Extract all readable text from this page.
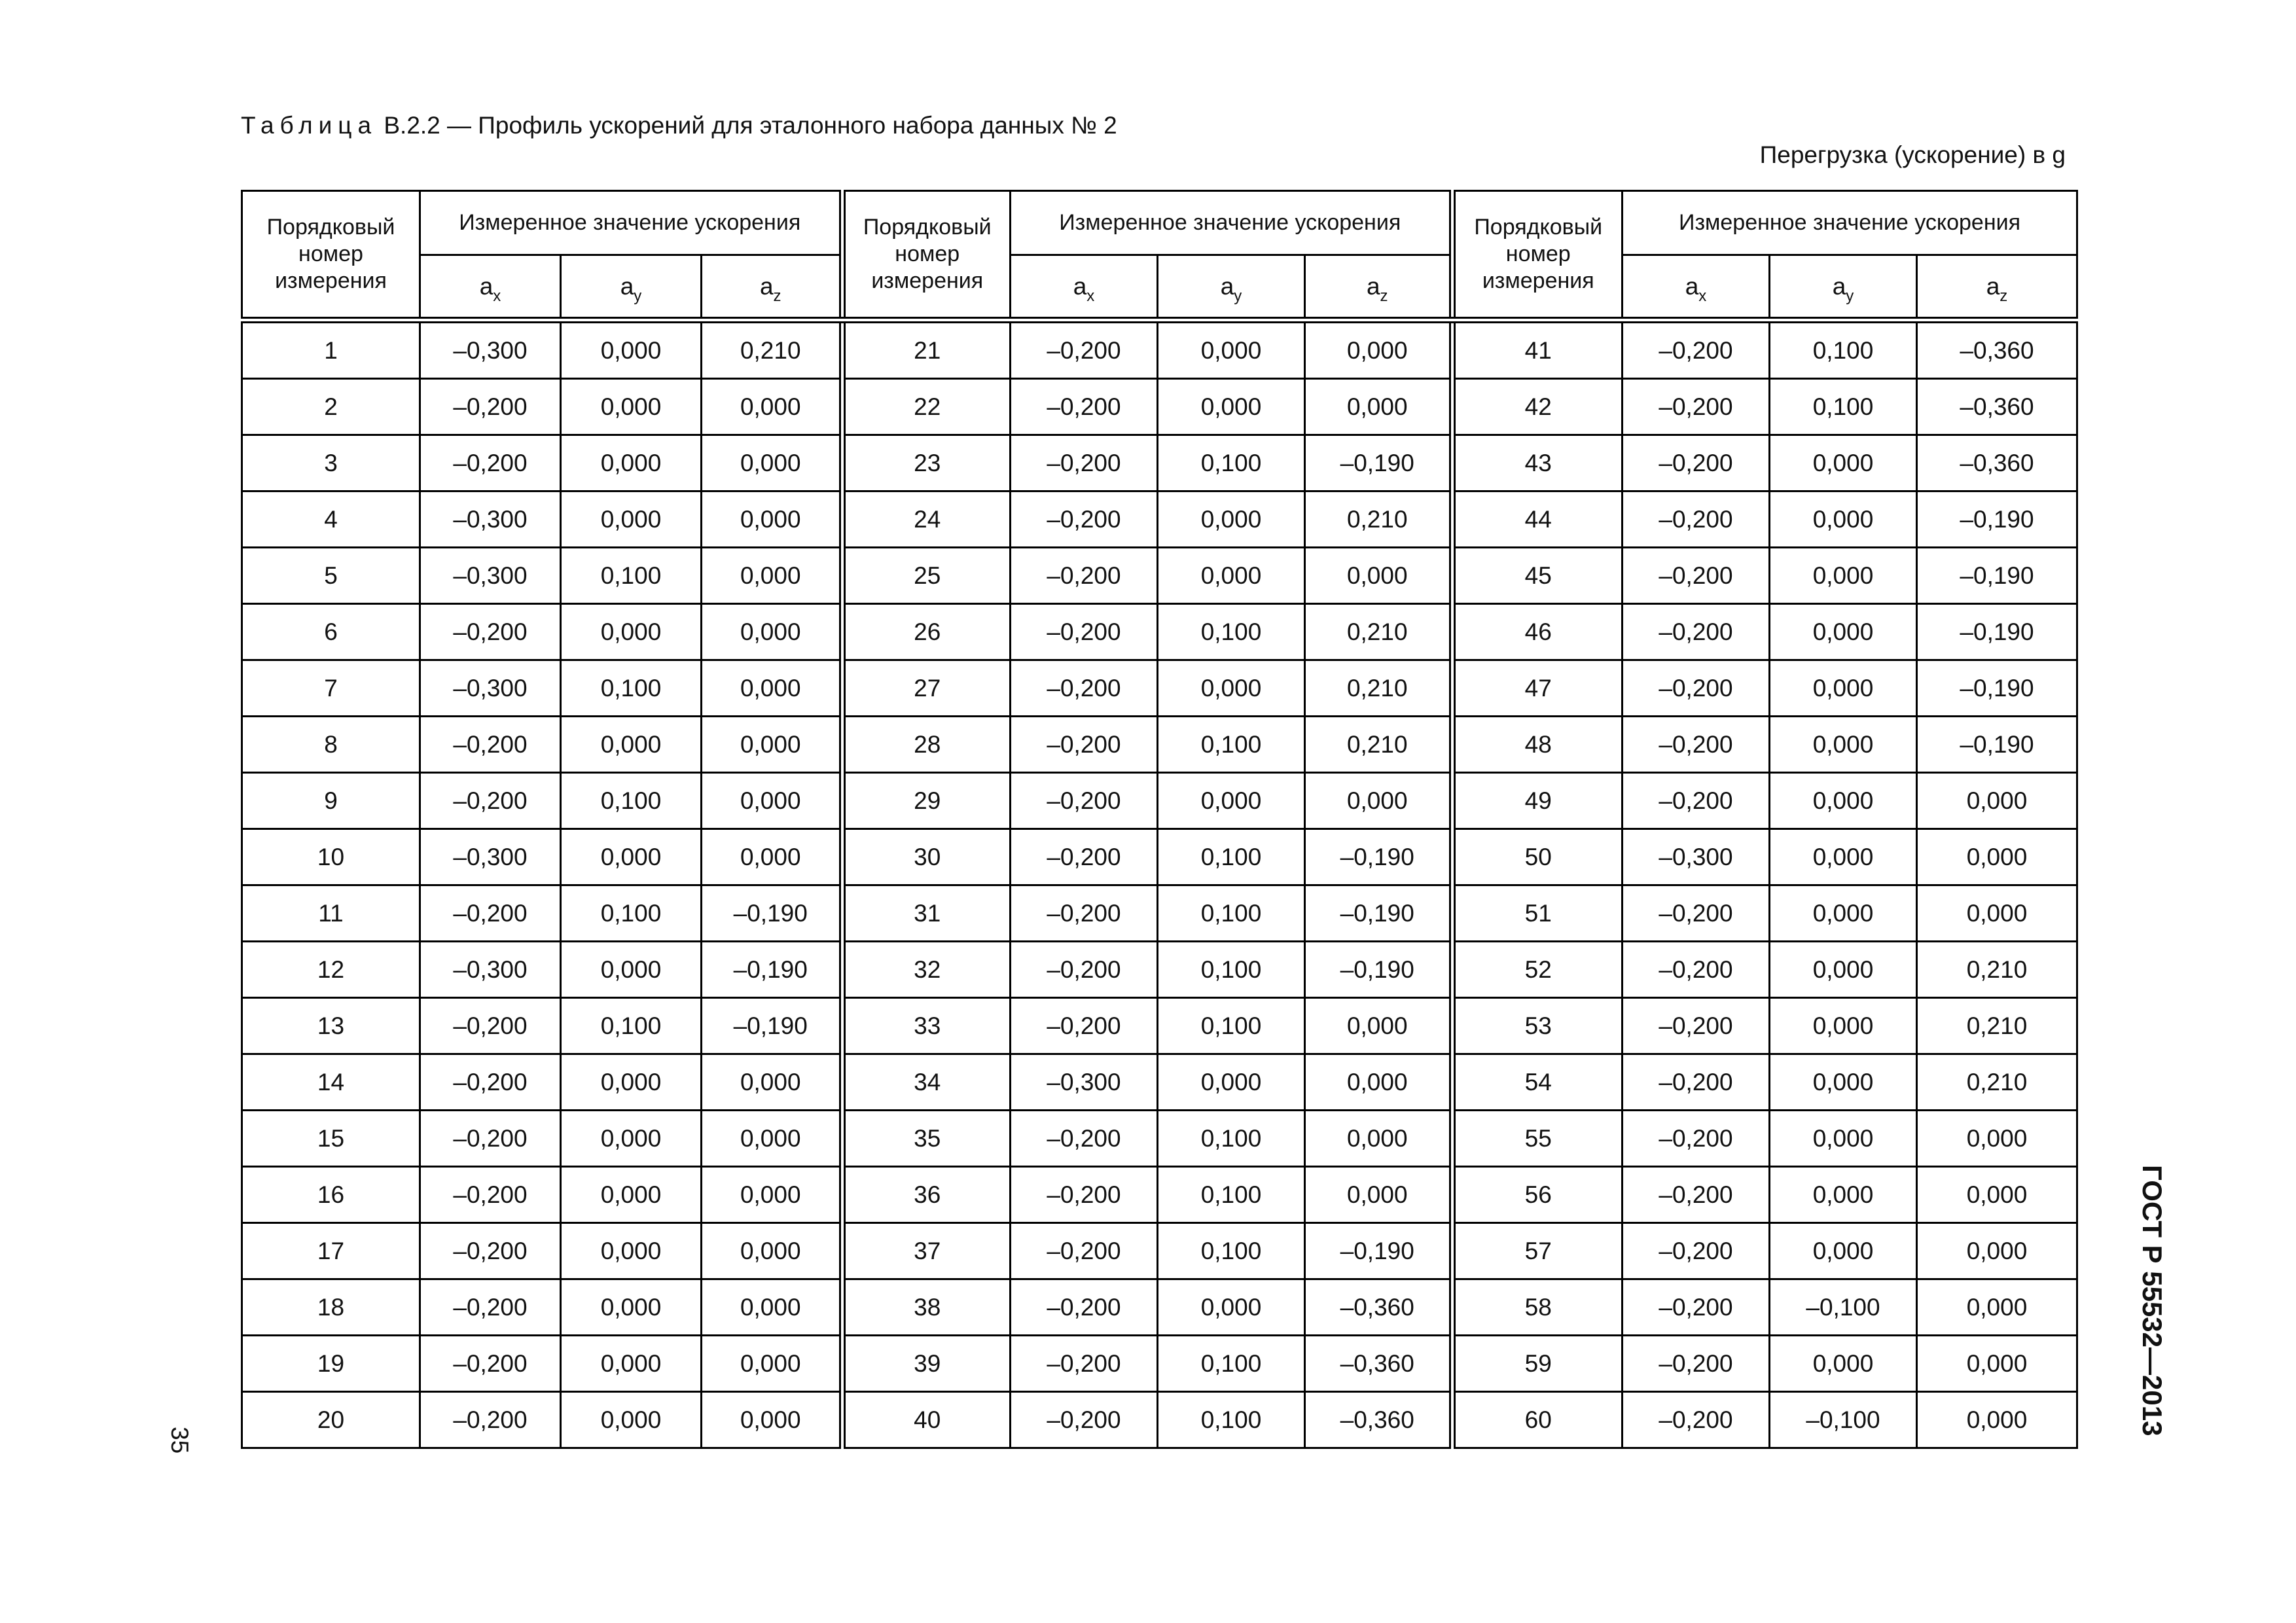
Таблица В.2.2 — Профиль ускорений для эталонного набора данных № 2
Перегрузка (ускорение) в g
Порядковый номер измерения	Измеренное значение ускорения			Порядковый номер измерения	Измеренное значение ускорения			Порядковый номер измерения	Измеренное значение ускорения		
	$a_x$	$a_y$	$a_z$		$a_x$	$a_y$	$a_z$		$a_x$	$a_y$	$a_z$
1	–0,300	0,000	0,210	21	–0,200	0,000	0,000	41	–0,200	0,100	–0,360
2	–0,200	0,000	0,000	22	–0,200	0,000	0,000	42	–0,200	0,100	–0,360
3	–0,200	0,000	0,000	23	–0,200	0,100	–0,190	43	–0,200	0,000	–0,360
4	–0,300	0,000	0,000	24	–0,200	0,000	0,210	44	–0,200	0,000	–0,190
5	–0,300	0,100	0,000	25	–0,200	0,000	0,000	45	–0,200	0,000	–0,190
6	–0,200	0,000	0,000	26	–0,200	0,100	0,210	46	–0,200	0,000	–0,190
7	–0,300	0,100	0,000	27	–0,200	0,000	0,210	47	–0,200	0,000	–0,190
8	–0,200	0,000	0,000	28	–0,200	0,100	0,210	48	–0,200	0,000	–0,190
9	–0,200	0,100	0,000	29	–0,200	0,000	0,000	49	–0,200	0,000	0,000
10	–0,300	0,000	0,000	30	–0,200	0,100	–0,190	50	–0,300	0,000	0,000
11	–0,200	0,100	–0,190	31	–0,200	0,100	–0,190	51	–0,200	0,000	0,000
12	–0,300	0,000	–0,190	32	–0,200	0,100	–0,190	52	–0,200	0,000	0,210
13	–0,200	0,100	–0,190	33	–0,200	0,100	0,000	53	–0,200	0,000	0,210
14	–0,200	0,000	0,000	34	–0,300	0,000	0,000	54	–0,200	0,000	0,210
15	–0,200	0,000	0,000	35	–0,200	0,100	0,000	55	–0,200	0,000	0,000
16	–0,200	0,000	0,000	36	–0,200	0,100	0,000	56	–0,200	0,000	0,000
17	–0,200	0,000	0,000	37	–0,200	0,100	–0,190	57	–0,200	0,000	0,000
18	–0,200	0,000	0,000	38	–0,200	0,000	–0,360	58	–0,200	–0,100	0,000
19	–0,200	0,000	0,000	39	–0,200	0,100	–0,360	59	–0,200	0,000	0,000
20	–0,200	0,000	0,000	40	–0,200	0,100	–0,360	60	–0,200	–0,100	0,000
35
ГОСТ Р 55532—2013
